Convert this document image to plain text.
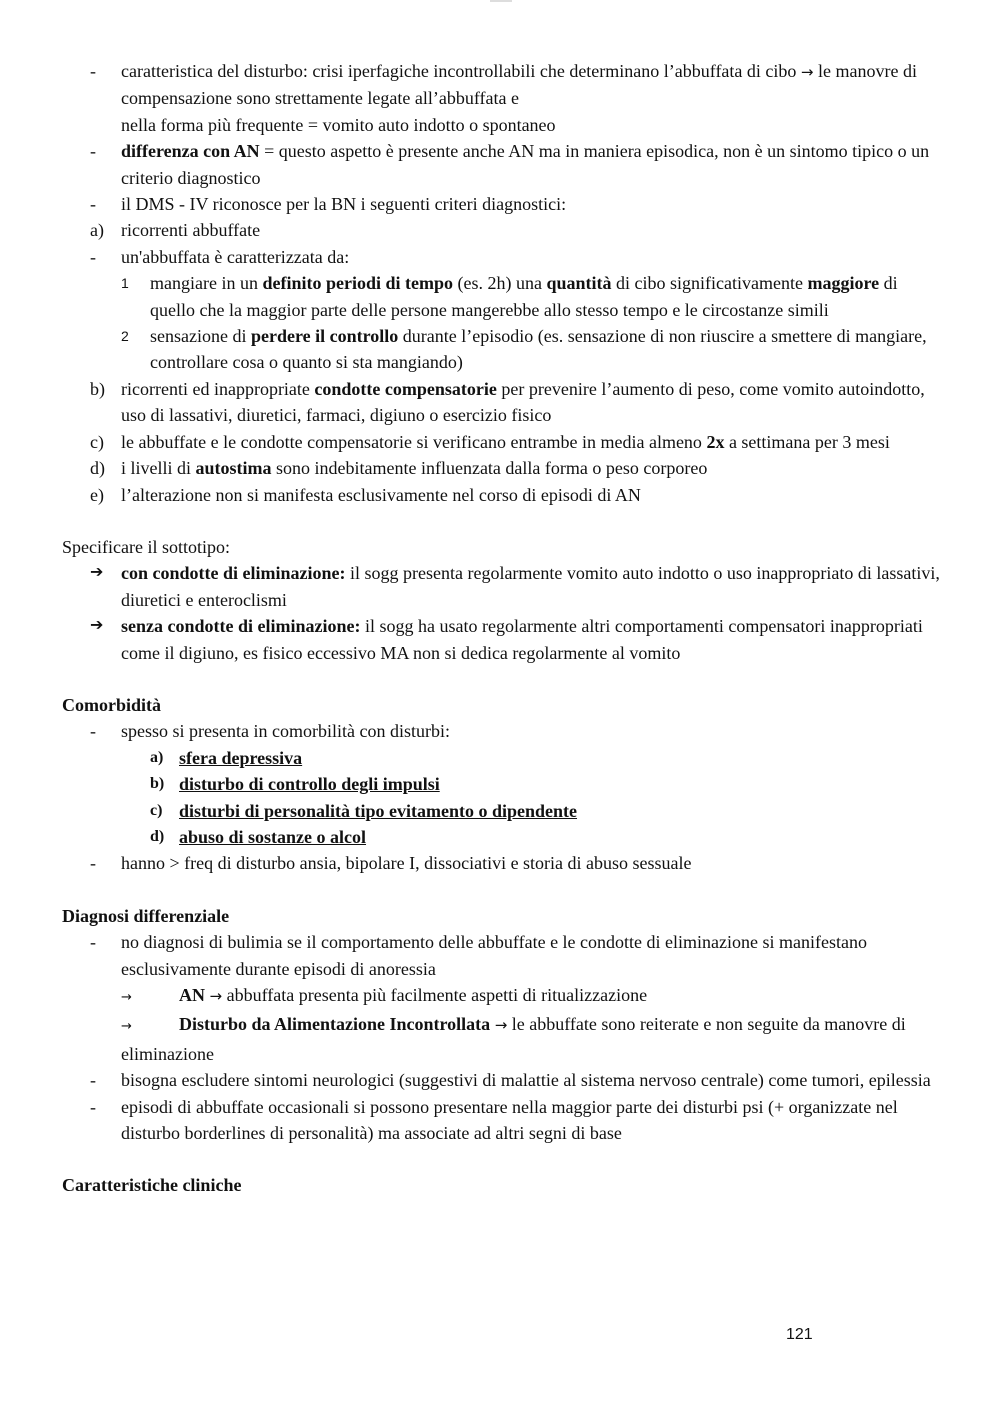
-	caratteristica del disturbo: crisi iperfagiche incontrollabili che determinano l’abbuffata di cibo → le manovre di compensazione sono strettamente legate all’abbuffata e
nella forma più frequente = vomito auto indotto o spontaneo
-	differenza con AN = questo aspetto è presente anche AN ma in maniera episodica, non è un sintomo tipico o un criterio diagnostico
-	il DMS - IV riconosce per la BN i seguenti criteri diagnostici:
a) ricorrenti abbuffate
-	un'abbuffata è caratterizzata da:
1	mangiare in un definito periodi di tempo (es. 2h) una quantità di cibo significativamente maggiore di quello che la maggior parte delle persone mangerebbe allo stesso tempo e le circostanze simili
2	sensazione di perdere il controllo durante l’episodio (es. sensazione di non riuscire a smettere di mangiare, controllare cosa o quanto si sta mangiando)
b) ricorrenti ed inappropriate condotte compensatorie per prevenire l’aumento di peso, come vomito autoindotto, uso di lassativi, diuretici, farmaci, digiuno o esercizio fisico
c) le abbuffate e le condotte compensatorie si verificano entrambe in media almeno 2x a settimana per 3 mesi
d) i livelli di autostima sono indebitamente influenzata dalla forma o peso corporeo
e) l’alterazione non si manifesta esclusivamente nel corso di episodi di AN
Specificare il sottotipo:
➔ con condotte di eliminazione: il sogg presenta regolarmente vomito auto indotto o uso inappropriato di lassativi, diuretici e enteroclismi
➔ senza condotte di eliminazione: il sogg ha usato regolarmente altri comportamenti compensatori inappropriati come il digiuno, es fisico eccessivo MA non si dedica regolarmente al vomito
Comorbidità
-	spesso si presenta in comorbilità con disturbi:
a) sfera depressiva
b) disturbo di controllo degli impulsi
c) disturbi di personalità tipo evitamento o dipendente
d) abuso di sostanze o alcol
-	hanno > freq di disturbo ansia, bipolare I, dissociativi e storia di abuso sessuale
Diagnosi differenziale
-	no diagnosi di bulimia se il comportamento delle abbuffate e le condotte di eliminazione si manifestano esclusivamente durante episodi di anoressia
→	AN → abbuffata presenta più facilmente aspetti di ritualizzazione
→	Disturbo da Alimentazione Incontrollata → le abbuffate sono reiterate e non seguite da manovre di eliminazione
-	bisogna escludere sintomi neurologici (suggestivi di malattie al sistema nervoso centrale) come tumori, epilessia
-	episodi di abbuffate occasionali si possono presentare nella maggior parte dei disturbi psi (+ organizzate nel disturbo borderlines di personalità) ma associate ad altri segni di base
Caratteristiche cliniche
121
